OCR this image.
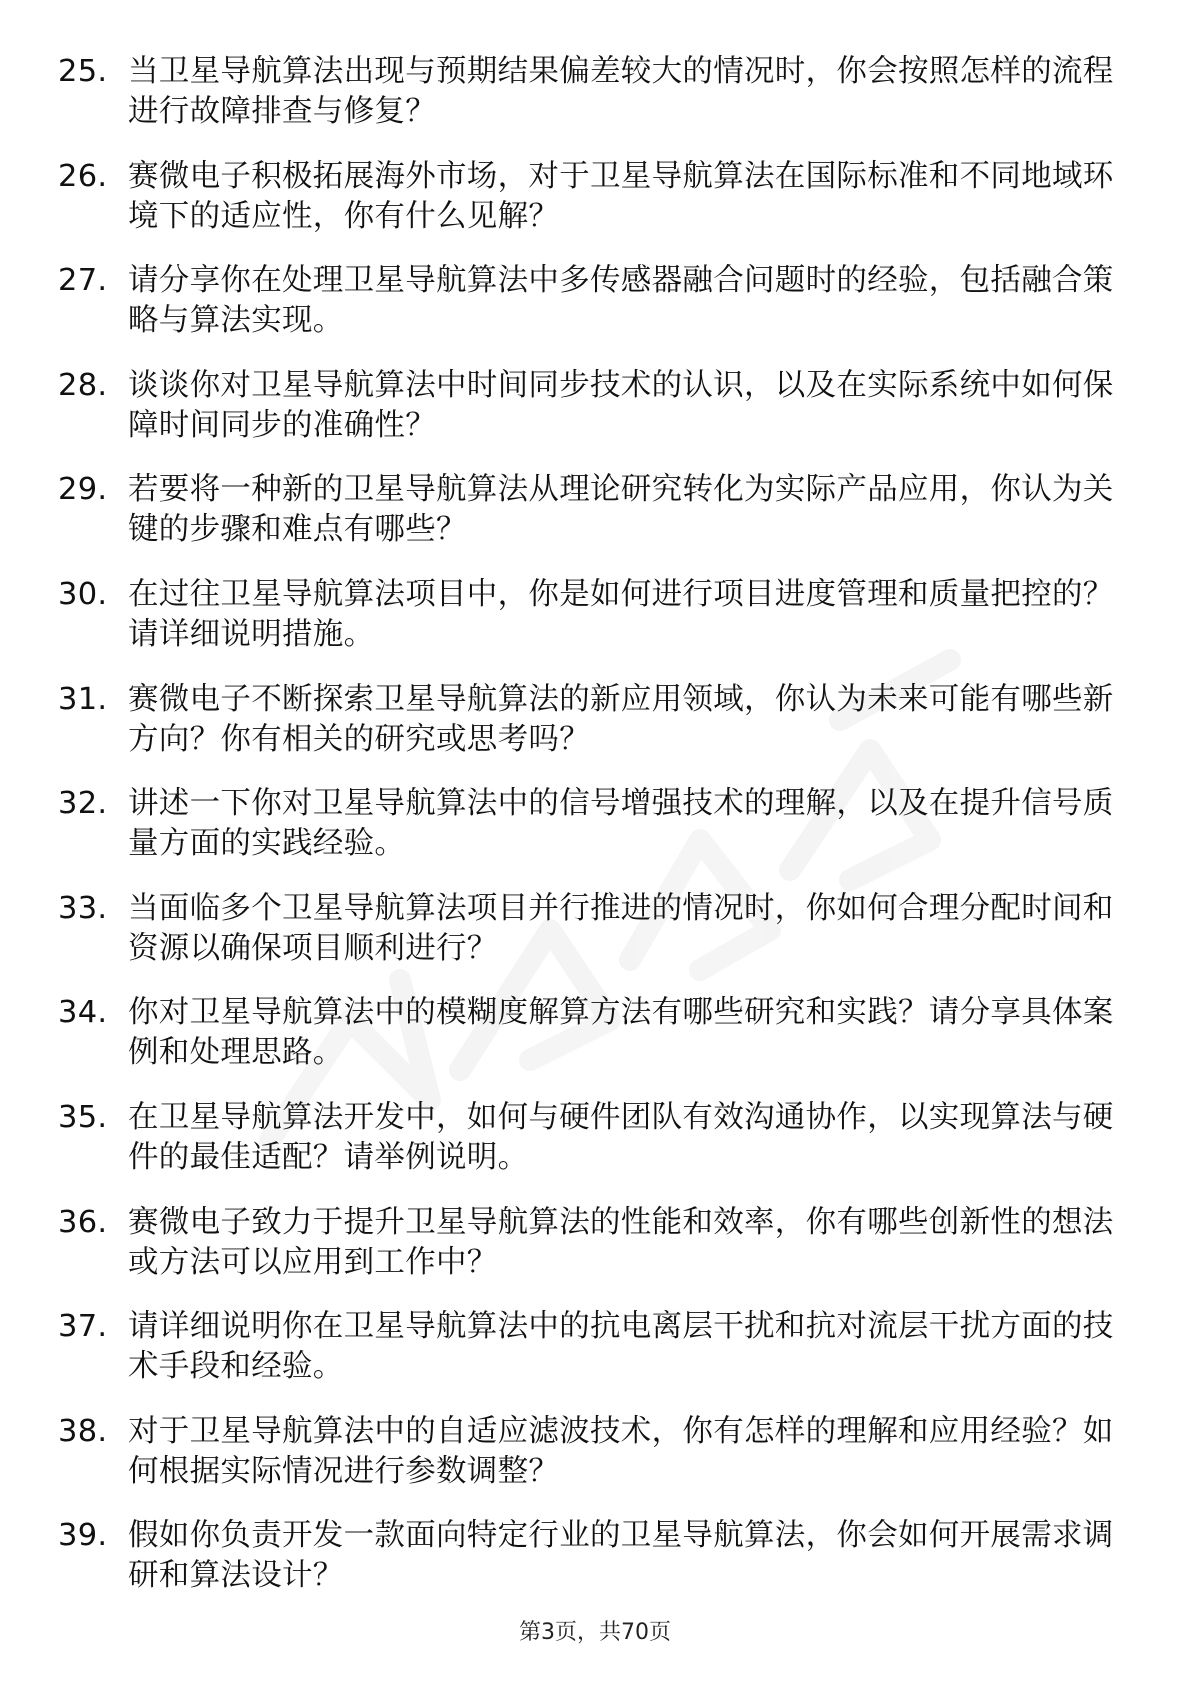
25. 当卫星导航算法出现与预期结果偏差较大的情况时，你会按照怎样的流程进行故障排查与修复？
26. 赛微电子积极拓展海外市场，对于卫星导航算法在国际标准和不同地域环境下的适应性，你有什么见解？
27. 请分享你在处理卫星导航算法中多传感器融合问题时的经验，包括融合策略与算法实现。
28. 谈谈你对卫星导航算法中时间同步技术的认识，以及在实际系统中如何保障时间同步的准确性？
29. 若要将一种新的卫星导航算法从理论研究转化为实际产品应用，你认为关键的步骤和难点有哪些？
30. 在过往卫星导航算法项目中，你是如何进行项目进度管理和质量把控的？请详细说明措施。
31. 赛微电子不断探索卫星导航算法的新应用领域，你认为未来可能有哪些新方向？你有相关的研究或思考吗？
32. 讲述一下你对卫星导航算法中的信号增强技术的理解，以及在提升信号质量方面的实践经验。
33. 当面临多个卫星导航算法项目并行推进的情况时，你如何合理分配时间和资源以确保项目顺利进行？
34. 你对卫星导航算法中的模糊度解算方法有哪些研究和实践？请分享具体案例和处理思路。
35. 在卫星导航算法开发中，如何与硬件团队有效沟通协作，以实现算法与硬件的最佳适配？请举例说明。
36. 赛微电子致力于提升卫星导航算法的性能和效率，你有哪些创新性的想法或方法可以应用到工作中？
37. 请详细说明你在卫星导航算法中的抗电离层干扰和抗对流层干扰方面的技术手段和经验。
38. 对于卫星导航算法中的自适应滤波技术，你有怎样的理解和应用经验？如何根据实际情况进行参数调整？
39. 假如你负责开发一款面向特定行业的卫星导航算法，你会如何开展需求调研和算法设计？
第3页，共70页
